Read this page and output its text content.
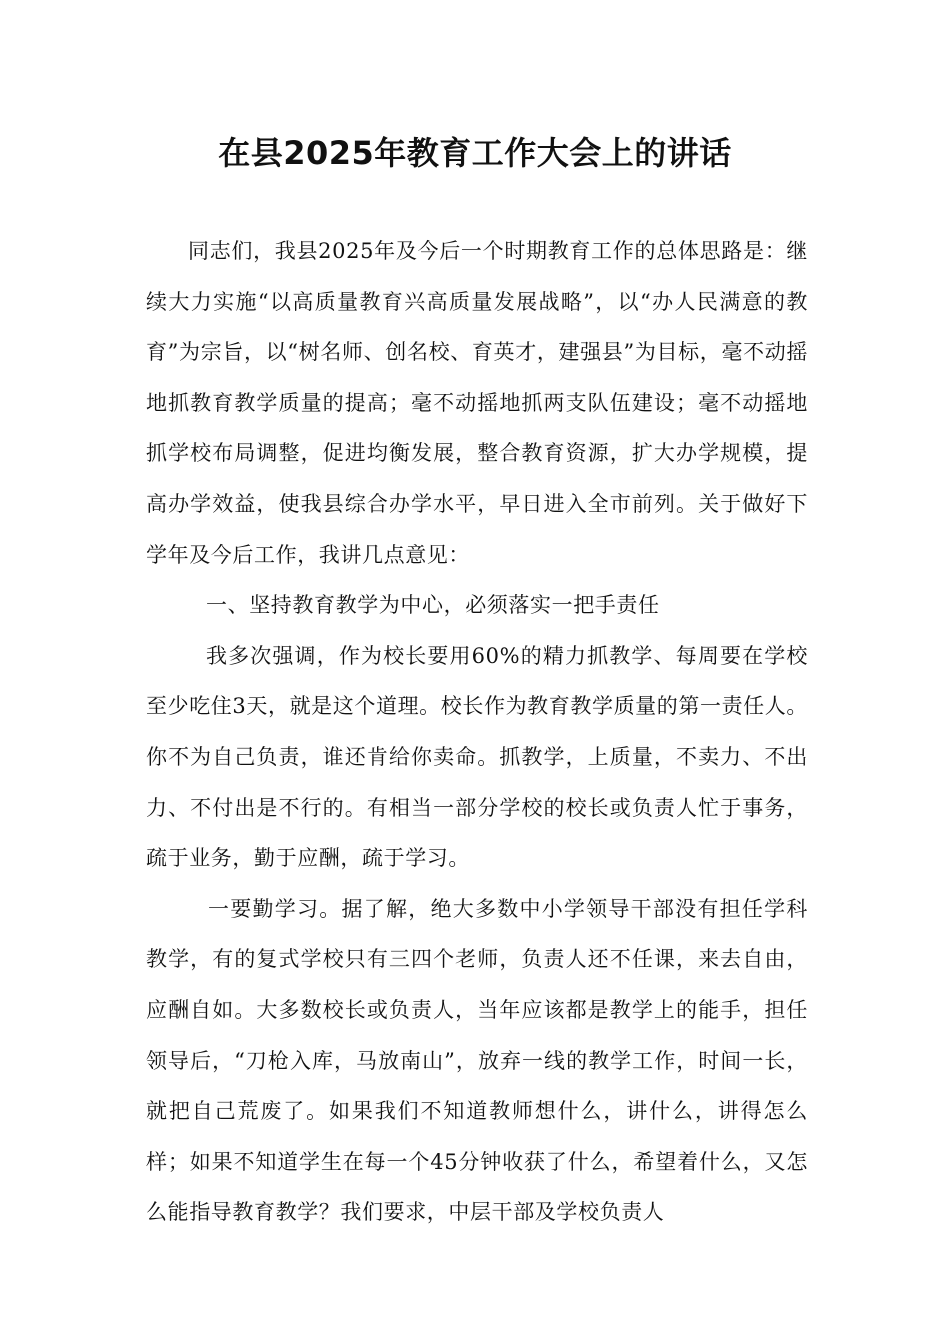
在县2025年教育工作大会上的讲话

同志们，我县2025年及今后一个时期教育工作的总体思路是：继续大力实施“以高质量教育兴高质量发展战略”，以“办人民满意的教育”为宗旨，以“树名师、创名校、育英才，建强县”为目标，毫不动摇地抓教育教学质量的提高；毫不动摇地抓两支队伍建设；毫不动摇地抓学校布局调整，促进均衡发展，整合教育资源，扩大办学规模，提高办学效益，使我县综合办学水平，早日进入全市前列。关于做好下学年及今后工作，我讲几点意见：

一、坚持教育教学为中心，必须落实一把手责任

我多次强调，作为校长要用60%的精力抓教学、每周要在学校至少吃住3天，就是这个道理。校长作为教育教学质量的第一责任人。你不为自己负责，谁还肯给你卖命。抓教学，上质量，不卖力、不出力、不付出是不行的。有相当一部分学校的校长或负责人忙于事务，疏于业务，勤于应酬，疏于学习。

一要勤学习。据了解，绝大多数中小学领导干部没有担任学科教学，有的复式学校只有三四个老师，负责人还不任课，来去自由，应酬自如。大多数校长或负责人，当年应该都是教学上的能手，担任领导后，“刀枪入库，马放南山”，放弃一线的教学工作，时间一长，就把自己荒废了。如果我们不知道教师想什么，讲什么，讲得怎么样；如果不知道学生在每一个45分钟收获了什么，希望着什么，又怎么能指导教育教学？我们要求，中层干部及学校负责人
